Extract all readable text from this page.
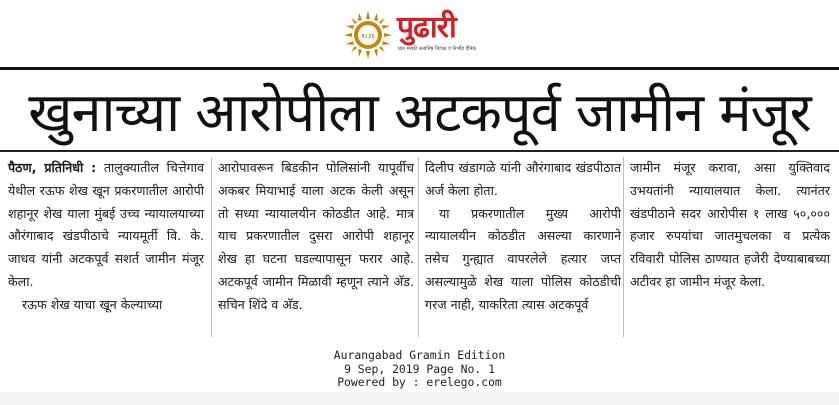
१८३६ पुढारी
प्रांत मराठी सत्यनिष्ठ निःपक्ष व निर्भीड दैनिक
खुनाच्या आरोपीला अटकपूर्व जामीन मंजूर

पैठण, प्रतिनिधी : तालुक्यातील चित्तेगाव येथील रऊफ शेख खून प्रकरणातील आरोपी शहानूर शेख याला मुंबई उच्च न्यायालयाच्या औरंगाबाद खंडपीठाचे न्यायमूर्ती वि. के. जाधव यांनी अटकपूर्व सशर्त जामीन मंजूर केला.

रऊफ शेख याचा खून केल्याच्या

आरोपावरून बिडकीन पोलिसांनी यापूर्वीच अकबर मियाभाई याला अटक केली असून तो सध्या न्यायालयीन कोठडीत आहे. मात्र याच प्रकरणातील दुसरा आरोपी शहानूर शेख हा घटना घडल्यापासून फरार आहे. अटकपूर्व जामीन मिळावी म्हणून त्याने अ‍ॅड. सचिन शिंदे व अ‍ॅड.

दिलीप खंडागळे यांनी औरंगाबाद खंडपीठात अर्ज केला होता.

या प्रकरणातील मुख्य आरोपी न्यायालयीन कोठडीत असल्या कारणाने तसेच गुन्ह्यात वापरलेले हत्यार जप्त असल्यामुळे शेख याला पोलिस कोठडीची गरज नाही, याकरिता त्यास अटकपूर्व

जामीन मंजूर करावा, असा युक्तिवाद उभयतांनी न्यायालयात केला. त्यानंतर खंडपीठाने सदर आरोपीस १ लाख ५०,००० हजार रुपयांचा जातमुचलका व प्रत्येक रविवारी पोलिस ठाण्यात हजेरी देण्याबाबच्या अटीवर हा जामीन मंजूर केला.

Aurangabad Gramin Edition
9 Sep, 2019 Page No. 1
Powered by : erelego.com
